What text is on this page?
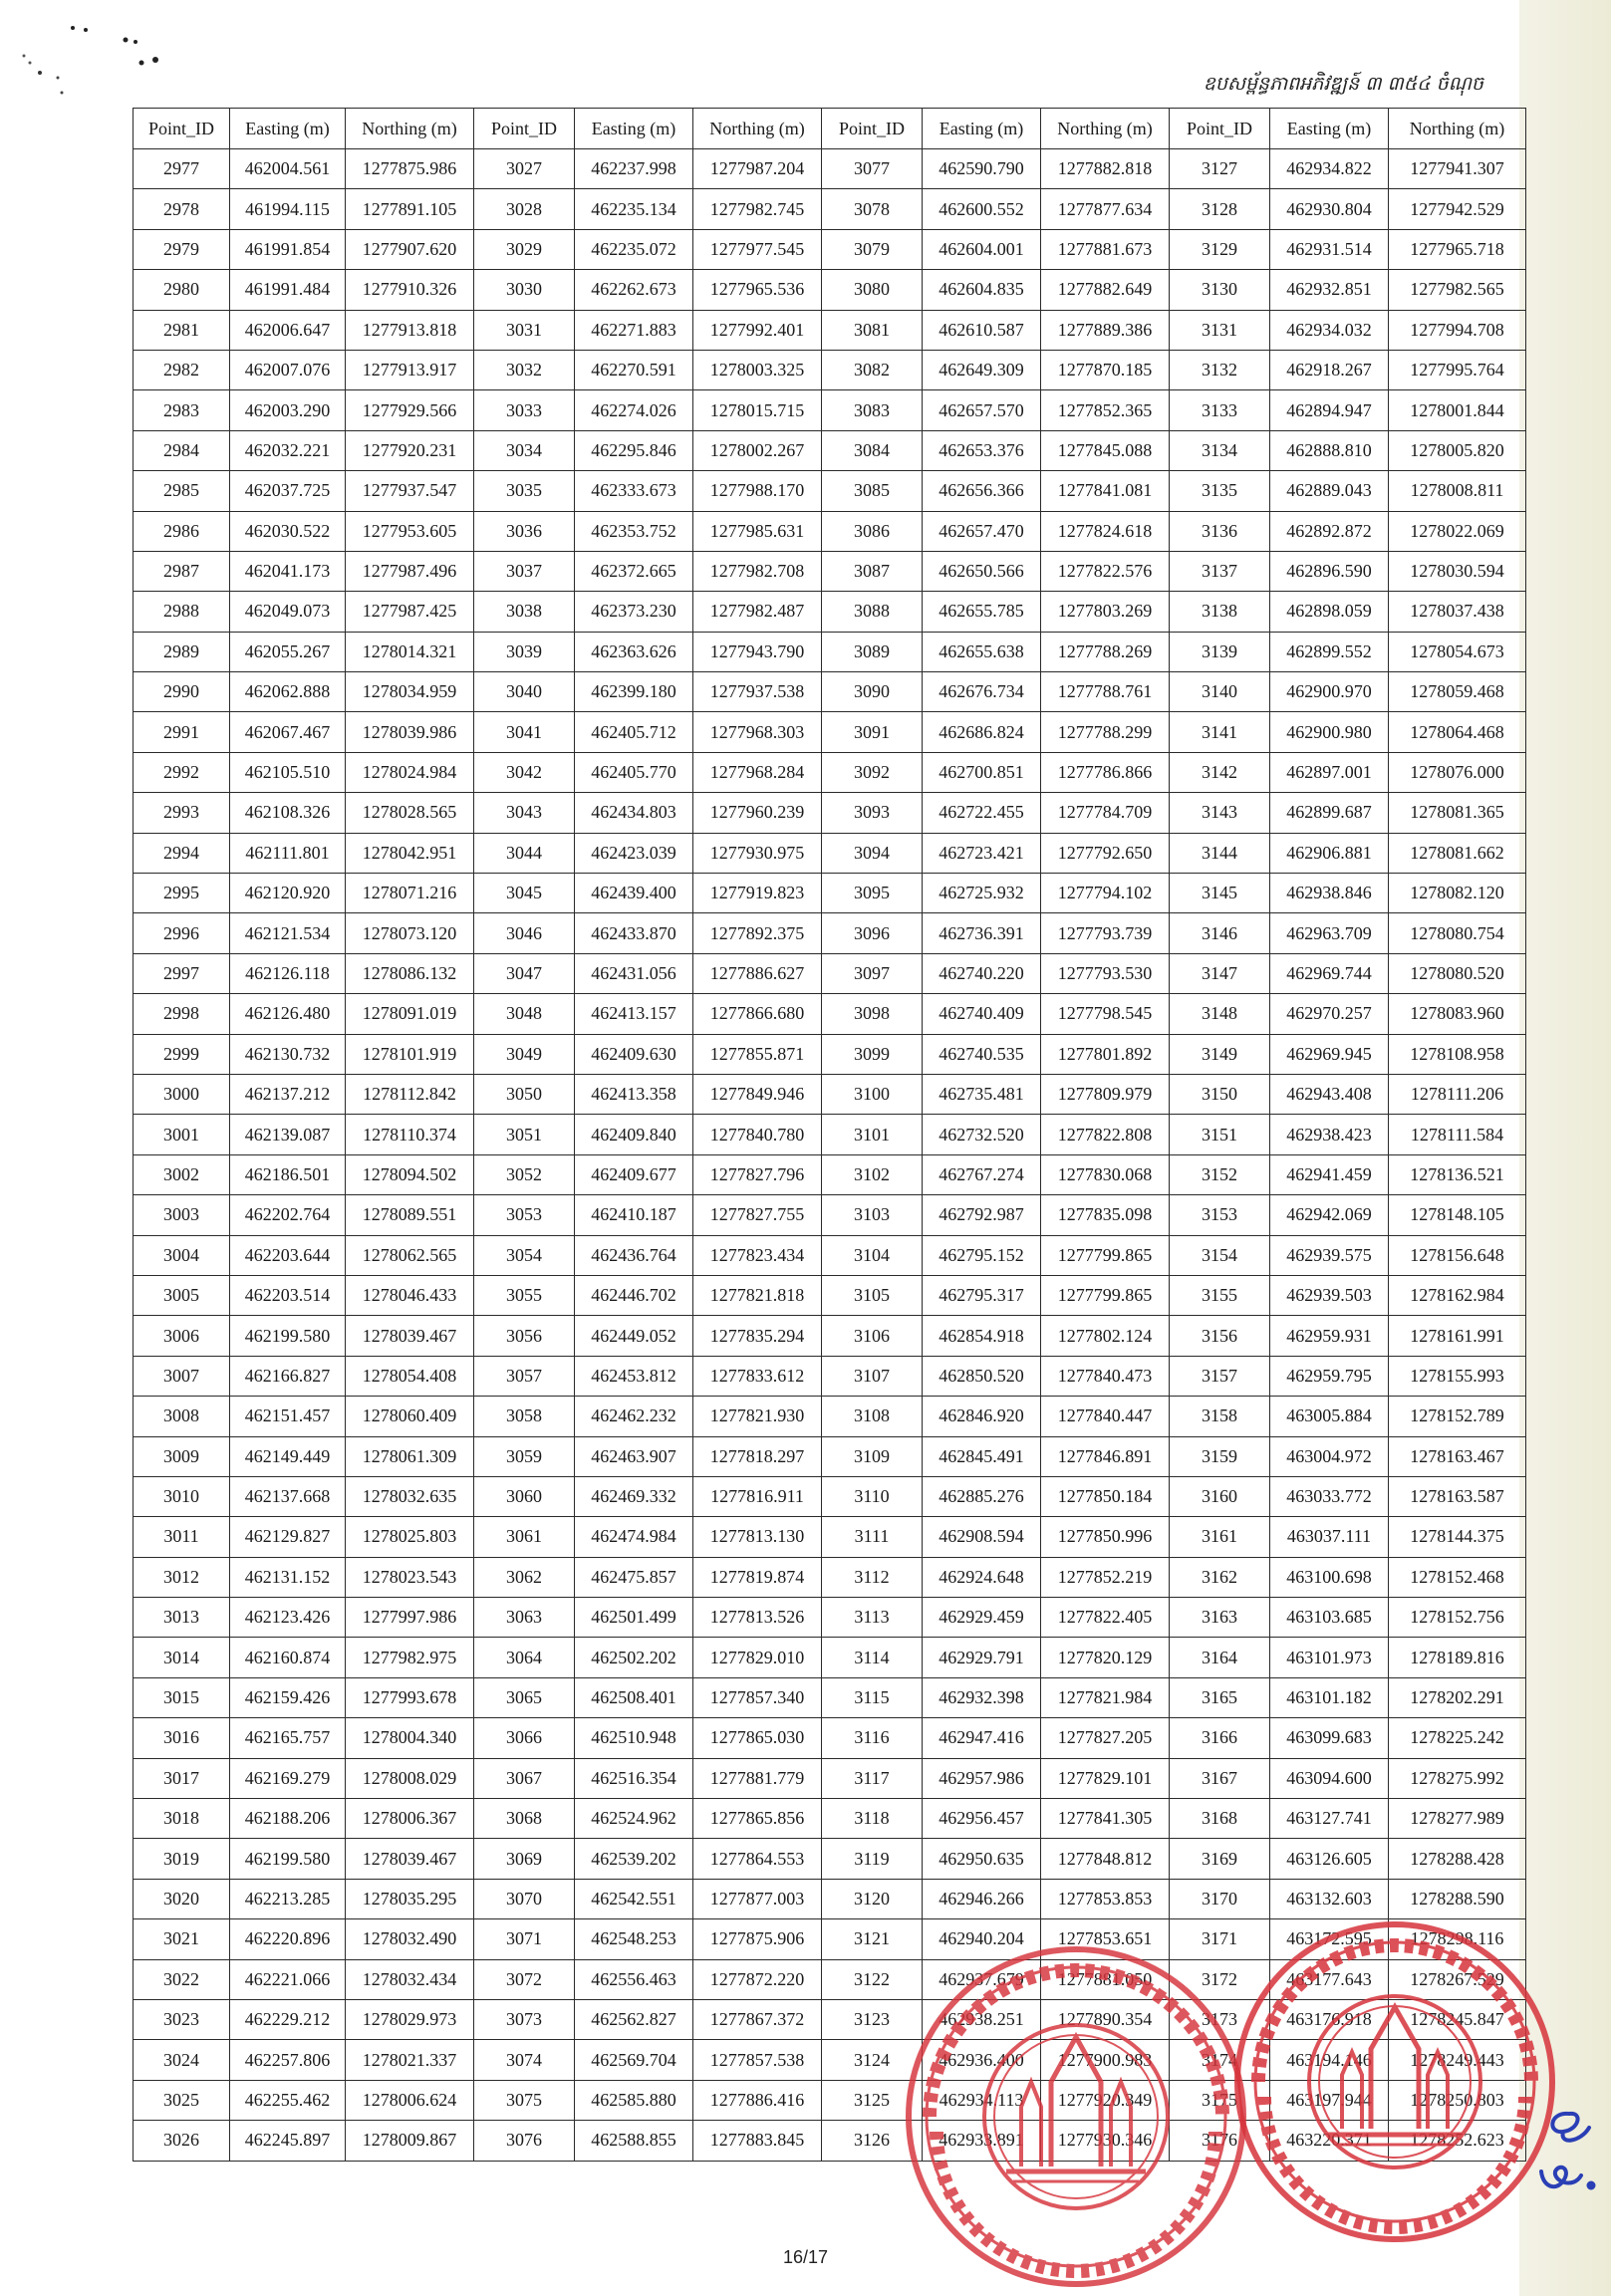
ឧបសម្ព័ន្ធភាពអភិវឌ្ឍន៍ ៣ ៣៥៤ ចំណុច
Point_ID	Easting (m)	Northing (m)	Point_ID	Easting (m)	Northing (m)	Point_ID	Easting (m)	Northing (m)	Point_ID	Easting (m)	Northing (m)
2977	462004.561	1277875.986	3027	462237.998	1277987.204	3077	462590.790	1277882.818	3127	462934.822	1277941.307
2978	461994.115	1277891.105	3028	462235.134	1277982.745	3078	462600.552	1277877.634	3128	462930.804	1277942.529
2979	461991.854	1277907.620	3029	462235.072	1277977.545	3079	462604.001	1277881.673	3129	462931.514	1277965.718
2980	461991.484	1277910.326	3030	462262.673	1277965.536	3080	462604.835	1277882.649	3130	462932.851	1277982.565
2981	462006.647	1277913.818	3031	462271.883	1277992.401	3081	462610.587	1277889.386	3131	462934.032	1277994.708
2982	462007.076	1277913.917	3032	462270.591	1278003.325	3082	462649.309	1277870.185	3132	462918.267	1277995.764
2983	462003.290	1277929.566	3033	462274.026	1278015.715	3083	462657.570	1277852.365	3133	462894.947	1278001.844
2984	462032.221	1277920.231	3034	462295.846	1278002.267	3084	462653.376	1277845.088	3134	462888.810	1278005.820
2985	462037.725	1277937.547	3035	462333.673	1277988.170	3085	462656.366	1277841.081	3135	462889.043	1278008.811
2986	462030.522	1277953.605	3036	462353.752	1277985.631	3086	462657.470	1277824.618	3136	462892.872	1278022.069
2987	462041.173	1277987.496	3037	462372.665	1277982.708	3087	462650.566	1277822.576	3137	462896.590	1278030.594
2988	462049.073	1277987.425	3038	462373.230	1277982.487	3088	462655.785	1277803.269	3138	462898.059	1278037.438
2989	462055.267	1278014.321	3039	462363.626	1277943.790	3089	462655.638	1277788.269	3139	462899.552	1278054.673
2990	462062.888	1278034.959	3040	462399.180	1277937.538	3090	462676.734	1277788.761	3140	462900.970	1278059.468
2991	462067.467	1278039.986	3041	462405.712	1277968.303	3091	462686.824	1277788.299	3141	462900.980	1278064.468
2992	462105.510	1278024.984	3042	462405.770	1277968.284	3092	462700.851	1277786.866	3142	462897.001	1278076.000
2993	462108.326	1278028.565	3043	462434.803	1277960.239	3093	462722.455	1277784.709	3143	462899.687	1278081.365
2994	462111.801	1278042.951	3044	462423.039	1277930.975	3094	462723.421	1277792.650	3144	462906.881	1278081.662
2995	462120.920	1278071.216	3045	462439.400	1277919.823	3095	462725.932	1277794.102	3145	462938.846	1278082.120
2996	462121.534	1278073.120	3046	462433.870	1277892.375	3096	462736.391	1277793.739	3146	462963.709	1278080.754
2997	462126.118	1278086.132	3047	462431.056	1277886.627	3097	462740.220	1277793.530	3147	462969.744	1278080.520
2998	462126.480	1278091.019	3048	462413.157	1277866.680	3098	462740.409	1277798.545	3148	462970.257	1278083.960
2999	462130.732	1278101.919	3049	462409.630	1277855.871	3099	462740.535	1277801.892	3149	462969.945	1278108.958
3000	462137.212	1278112.842	3050	462413.358	1277849.946	3100	462735.481	1277809.979	3150	462943.408	1278111.206
3001	462139.087	1278110.374	3051	462409.840	1277840.780	3101	462732.520	1277822.808	3151	462938.423	1278111.584
3002	462186.501	1278094.502	3052	462409.677	1277827.796	3102	462767.274	1277830.068	3152	462941.459	1278136.521
3003	462202.764	1278089.551	3053	462410.187	1277827.755	3103	462792.987	1277835.098	3153	462942.069	1278148.105
3004	462203.644	1278062.565	3054	462436.764	1277823.434	3104	462795.152	1277799.865	3154	462939.575	1278156.648
3005	462203.514	1278046.433	3055	462446.702	1277821.818	3105	462795.317	1277799.865	3155	462939.503	1278162.984
3006	462199.580	1278039.467	3056	462449.052	1277835.294	3106	462854.918	1277802.124	3156	462959.931	1278161.991
3007	462166.827	1278054.408	3057	462453.812	1277833.612	3107	462850.520	1277840.473	3157	462959.795	1278155.993
3008	462151.457	1278060.409	3058	462462.232	1277821.930	3108	462846.920	1277840.447	3158	463005.884	1278152.789
3009	462149.449	1278061.309	3059	462463.907	1277818.297	3109	462845.491	1277846.891	3159	463004.972	1278163.467
3010	462137.668	1278032.635	3060	462469.332	1277816.911	3110	462885.276	1277850.184	3160	463033.772	1278163.587
3011	462129.827	1278025.803	3061	462474.984	1277813.130	3111	462908.594	1277850.996	3161	463037.111	1278144.375
3012	462131.152	1278023.543	3062	462475.857	1277819.874	3112	462924.648	1277852.219	3162	463100.698	1278152.468
3013	462123.426	1277997.986	3063	462501.499	1277813.526	3113	462929.459	1277822.405	3163	463103.685	1278152.756
3014	462160.874	1277982.975	3064	462502.202	1277829.010	3114	462929.791	1277820.129	3164	463101.973	1278189.816
3015	462159.426	1277993.678	3065	462508.401	1277857.340	3115	462932.398	1277821.984	3165	463101.182	1278202.291
3016	462165.757	1278004.340	3066	462510.948	1277865.030	3116	462947.416	1277827.205	3166	463099.683	1278225.242
3017	462169.279	1278008.029	3067	462516.354	1277881.779	3117	462957.986	1277829.101	3167	463094.600	1278275.992
3018	462188.206	1278006.367	3068	462524.962	1277865.856	3118	462956.457	1277841.305	3168	463127.741	1278277.989
3019	462199.580	1278039.467	3069	462539.202	1277864.553	3119	462950.635	1277848.812	3169	463126.605	1278288.428
3020	462213.285	1278035.295	3070	462542.551	1277877.003	3120	462946.266	1277853.853	3170	463132.603	1278288.590
3021	462220.896	1278032.490	3071	462548.253	1277875.906	3121	462940.204	1277853.651	3171	463172.595	1278298.116
3022	462221.066	1278032.434	3072	462556.463	1277872.220	3122	462937.679	1277881.050	3172	463177.643	1278267.529
3023	462229.212	1278029.973	3073	462562.827	1277867.372	3123	462938.251	1277890.354	3173	463176.918	1278245.847
3024	462257.806	1278021.337	3074	462569.704	1277857.538	3124	462936.400	1277900.983	3174	463194.146	1278249.443
3025	462255.462	1278006.624	3075	462585.880	1277886.416	3125	462934.113	1277920.349	3175	463197.944	1278250.803
3026	462245.897	1278009.867	3076	462588.855	1277883.845	3126	462933.891	1277930.346	3176	463220.371	1278252.623
16/17
